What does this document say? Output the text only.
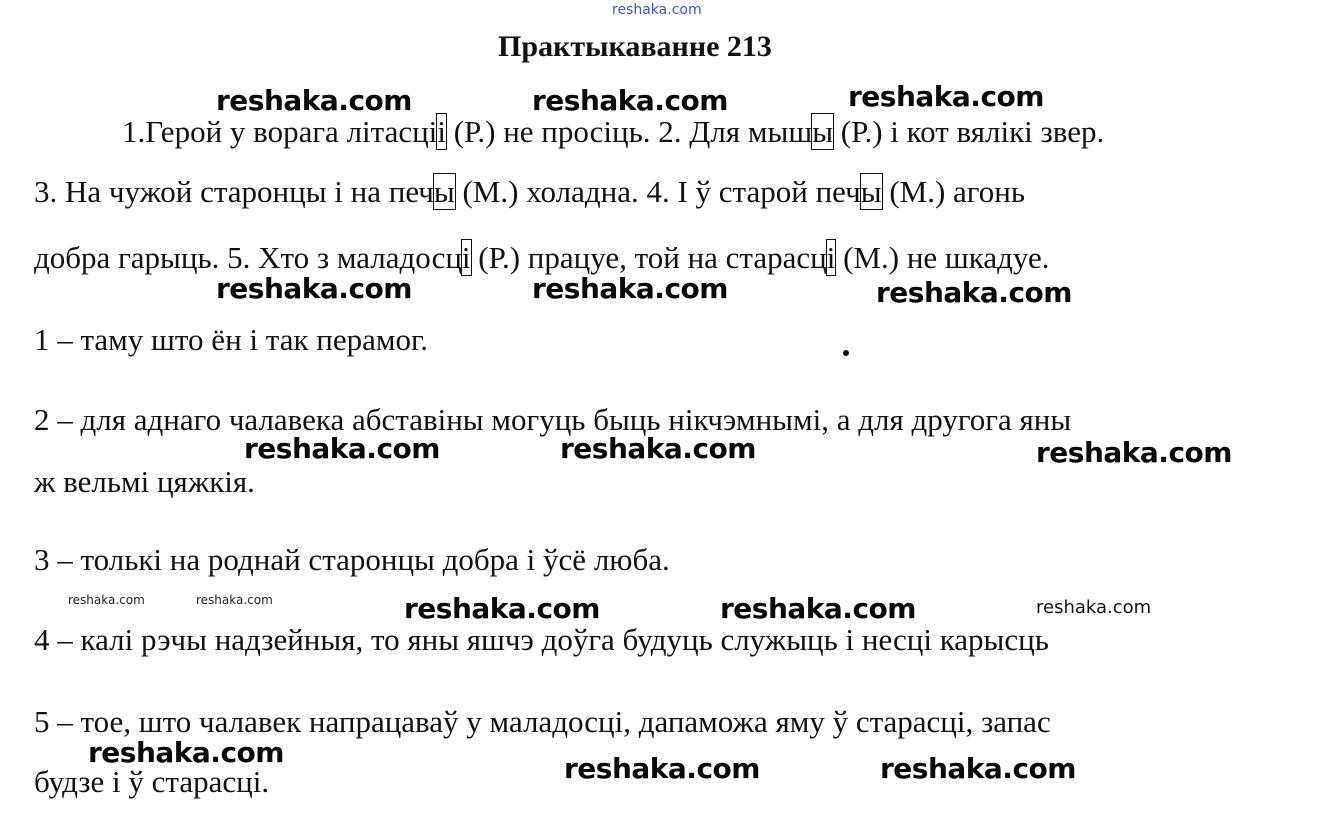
reshaka.com
Практыкаванне 213
1.Герой у ворага літасціі (Р.) не просіць. 2. Для мышы (Р.) і кот вялікі звер.
3. На чужой старонцы і на печы (М.) холадна. 4. І ў старой печы (М.) агонь
добра гарыць. 5. Хто з маладосці (Р.) працуе, той на старасці (М.) не шкадуе.
1 – таму што ён і так перамог.
2 – для аднаго чалавека абставіны могуць быць нікчэмнымі, а для другога яны
ж вельмі цяжкія.
3 – толькі на роднай старонцы добра і ўсё люба.
4 – калі рэчы надзейныя, то яны яшчэ доўга будуць служыць і несці карысць
5 – тое, што чалавек напрацаваў у маладосці, дапаможа яму ў старасці, запас
будзе і ў старасці.
reshaka.com	reshaka.com	reshaka.com
reshaka.com	reshaka.com	reshaka.com
reshaka.com	reshaka.com	reshaka.com
reshaka.com	reshaka.com
reshaka.com	reshaka.com	reshaka.com
reshaka.com	reshaka.com	reshaka.com
